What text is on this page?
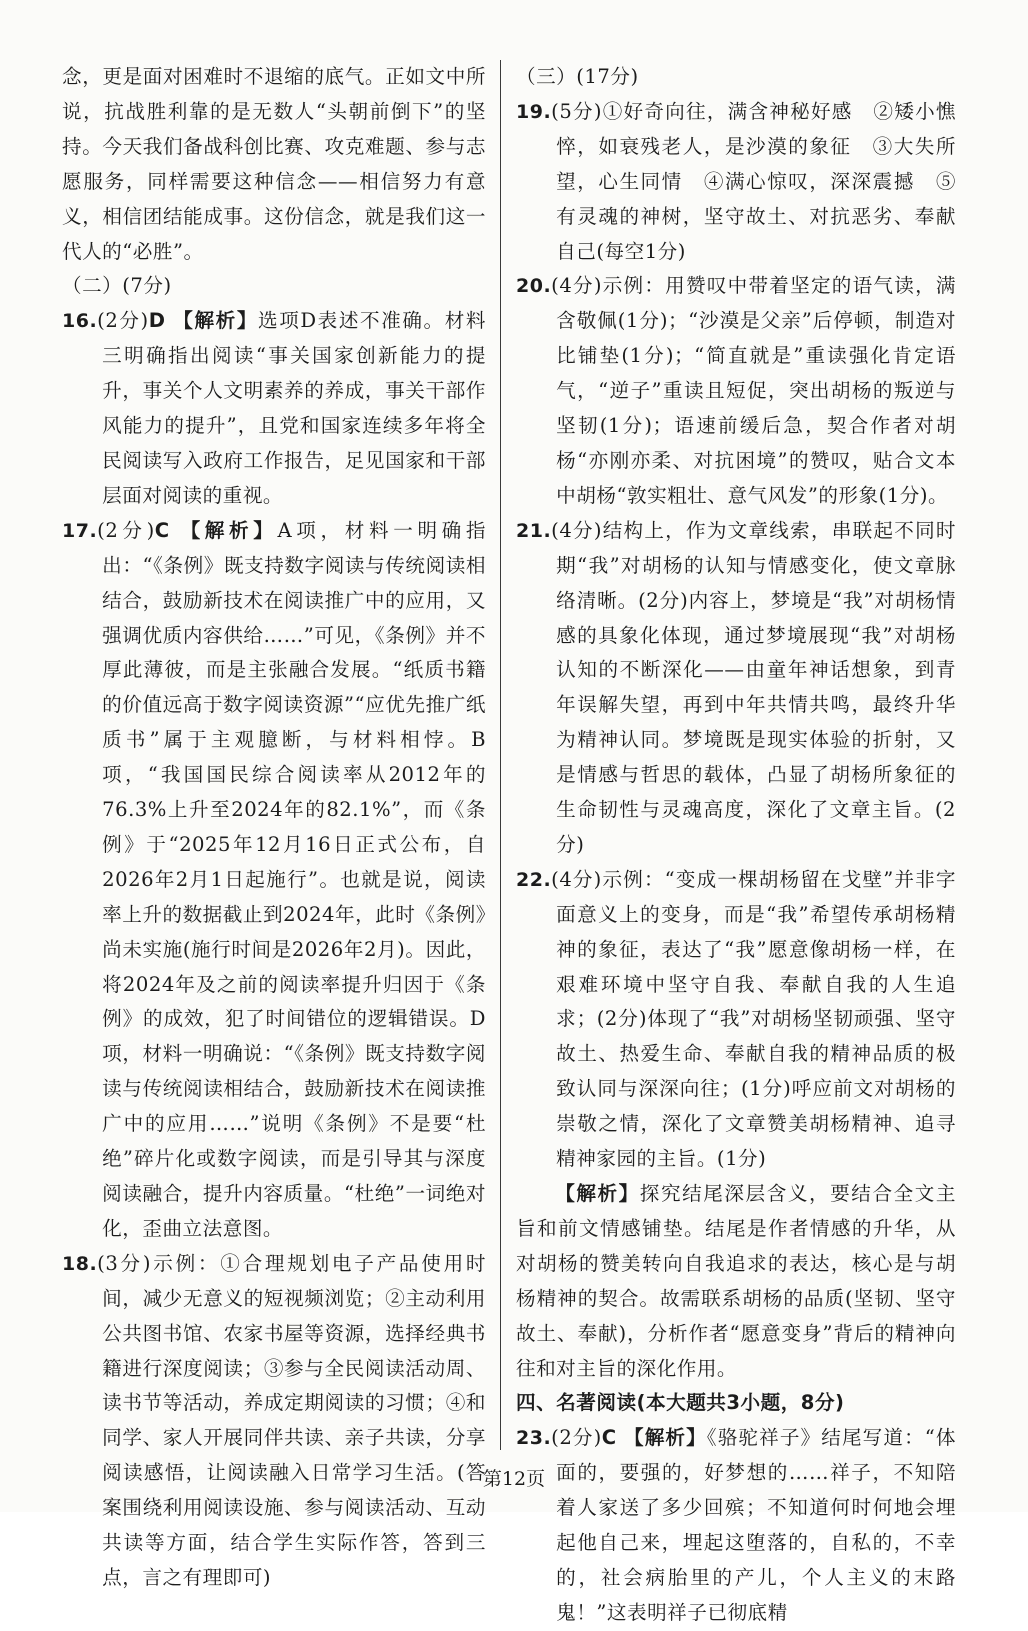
念，更是面对困难时不退缩的底气。正如文中所说，抗战胜利靠的是无数人“头朝前倒下”的坚持。今天我们备战科创比赛、攻克难题、参与志愿服务，同样需要这种信念——相信努力有意义，相信团结能成事。这份信念，就是我们这一代人的“必胜”。

（二）(7分)

16.(2分)D 【解析】选项D表述不准确。材料三明确指出阅读“事关国家创新能力的提升，事关个人文明素养的养成，事关干部作风能力的提升”，且党和国家连续多年将全民阅读写入政府工作报告，足见国家和干部层面对阅读的重视。

17.(2分)C 【解析】A项，材料一明确指出：“《条例》既支持数字阅读与传统阅读相结合，鼓励新技术在阅读推广中的应用，又强调优质内容供给……”可见，《条例》并不厚此薄彼，而是主张融合发展。“纸质书籍的价值远高于数字阅读资源”“应优先推广纸质书”属于主观臆断，与材料相悖。B项，“我国国民综合阅读率从2012年的76.3%上升至2024年的82.1%”，而《条例》于“2025年12月16日正式公布，自2026年2月1日起施行”。也就是说，阅读率上升的数据截止到2024年，此时《条例》尚未实施(施行时间是2026年2月)。因此，将2024年及之前的阅读率提升归因于《条例》的成效，犯了时间错位的逻辑错误。D项，材料一明确说：“《条例》既支持数字阅读与传统阅读相结合，鼓励新技术在阅读推广中的应用……”说明《条例》不是要“杜绝”碎片化或数字阅读，而是引导其与深度阅读融合，提升内容质量。“杜绝”一词绝对化，歪曲立法意图。

18.(3分)示例：①合理规划电子产品使用时间，减少无意义的短视频浏览；②主动利用公共图书馆、农家书屋等资源，选择经典书籍进行深度阅读；③参与全民阅读活动周、读书节等活动，养成定期阅读的习惯；④和同学、家人开展同伴共读、亲子共读，分享阅读感悟，让阅读融入日常学习生活。(答案围绕利用阅读设施、参与阅读活动、互动共读等方面，结合学生实际作答，答到三点，言之有理即可)

（三）(17分)

19.(5分)①好奇向往，满含神秘好感　②矮小憔悴，如衰残老人，是沙漠的象征　③大失所望，心生同情　④满心惊叹，深深震撼　⑤有灵魂的神树，坚守故土、对抗恶劣、奉献自己(每空1分)

20.(4分)示例：用赞叹中带着坚定的语气读，满含敬佩(1分)；“沙漠是父亲”后停顿，制造对比铺垫(1分)；“简直就是”重读强化肯定语气，“逆子”重读且短促，突出胡杨的叛逆与坚韧(1分)；语速前缓后急，契合作者对胡杨“亦刚亦柔、对抗困境”的赞叹，贴合文本中胡杨“敦实粗壮、意气风发”的形象(1分)。

21.(4分)结构上，作为文章线索，串联起不同时期“我”对胡杨的认知与情感变化，使文章脉络清晰。(2分)内容上，梦境是“我”对胡杨情感的具象化体现，通过梦境展现“我”对胡杨认知的不断深化——由童年神话想象，到青年误解失望，再到中年共情共鸣，最终升华为精神认同。梦境既是现实体验的折射，又是情感与哲思的载体，凸显了胡杨所象征的生命韧性与灵魂高度，深化了文章主旨。(2分)

22.(4分)示例：“变成一棵胡杨留在戈壁”并非字面意义上的变身，而是“我”希望传承胡杨精神的象征，表达了“我”愿意像胡杨一样，在艰难环境中坚守自我、奉献自我的人生追求；(2分)体现了“我”对胡杨坚韧顽强、坚守故土、热爱生命、奉献自我的精神品质的极致认同与深深向往；(1分)呼应前文对胡杨的崇敬之情，深化了文章赞美胡杨精神、追寻精神家园的主旨。(1分)

【解析】探究结尾深层含义，要结合全文主旨和前文情感铺垫。结尾是作者情感的升华，从对胡杨的赞美转向自我追求的表达，核心是与胡杨精神的契合。故需联系胡杨的品质(坚韧、坚守故土、奉献)，分析作者“愿意变身”背后的精神向往和对主旨的深化作用。

四、名著阅读(本大题共3小题，8分)

23.(2分)C 【解析】《骆驼祥子》结尾写道：“体面的，要强的，好梦想的……祥子，不知陪着人家送了多少回殡；不知道何时何地会埋起他自己来，埋起这堕落的，自私的，不幸的，社会病胎里的产儿，个人主义的末路鬼！”这表明祥子已彻底精

第12页
